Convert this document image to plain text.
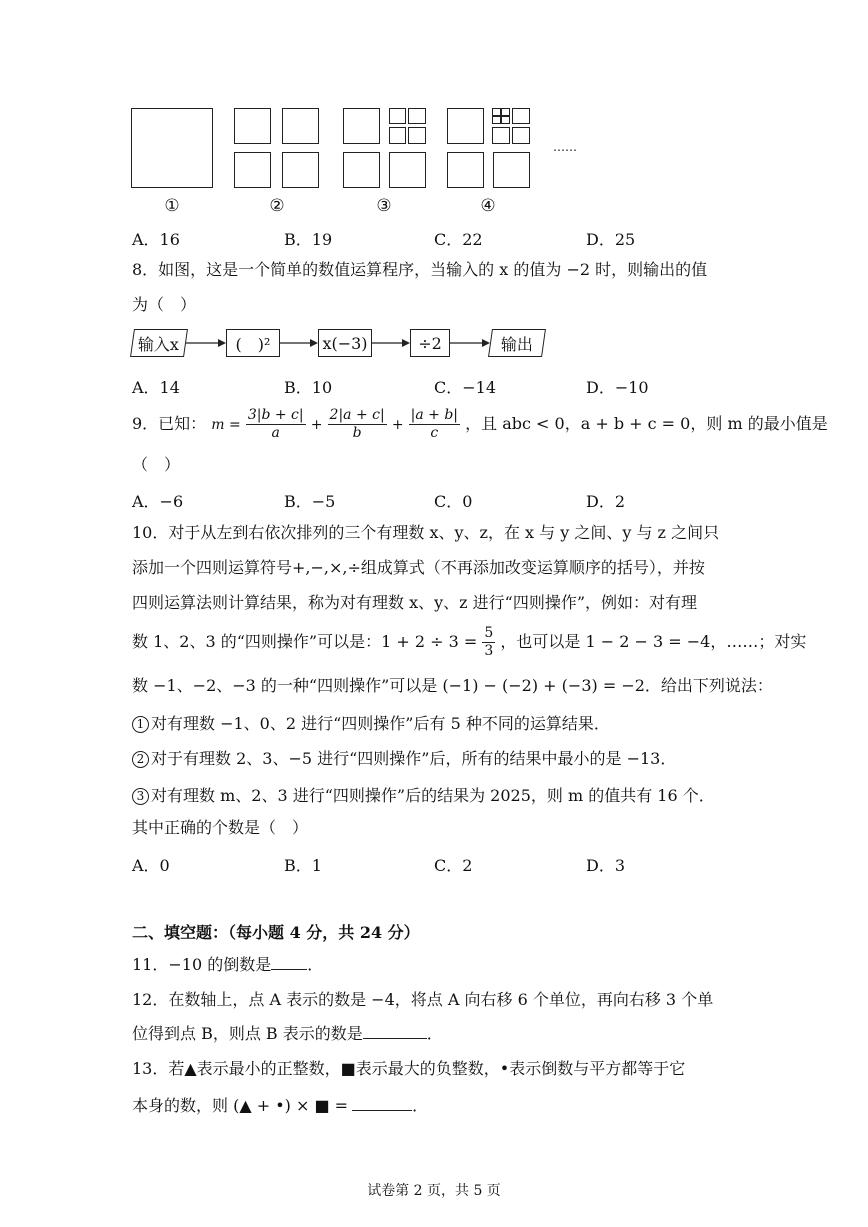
……
①	②	③	④
A．16	B．19	C．22	D．25
8．如图，这是一个简单的数值运算程序，当输入的 x 的值为 −2 时，则输出的值
为（　）
输入x	(　)²	x(−3)	÷2	输出
A．14	B．10	C．−14	D．−10
9．已知： $m = \frac{3|b + c|}{a} + \frac{2|a + c|}{b} + \frac{|a + b|}{c}$ ，且 abc < 0，a + b + c = 0，则 m 的最小值是
（　）
A．−6	B．−5	C．0	D．2
10．对于从左到右依次排列的三个有理数 x、y、z，在 x 与 y 之间、y 与 z 之间只
添加一个四则运算符号+,−,×,÷组成算式（不再添加改变运算顺序的括号），并按
四则运算法则计算结果，称为对有理数 x、y、z 进行“四则操作”，例如：对有理
数 1、2、3 的“四则操作”可以是：$1 + 2 \div 3 = \frac{5}{3}$ ，也可以是 1 − 2 − 3 = −4，……；对实
数 −1、−2、−3 的一种“四则操作”可以是 (−1) − (−2) + (−3) = −2．给出下列说法：
1 对有理数 −1、0、2 进行“四则操作”后有 5 种不同的运算结果．
2 对于有理数 2、3、−5 进行“四则操作”后，所有的结果中最小的是 −13．
3 对有理数 m、2、3 进行“四则操作”后的结果为 2025，则 m 的值共有 16 个．
其中正确的个数是（　）
A．0	B．1	C．2	D．3
二、填空题：（每小题 4 分，共 24 分）
11．−10 的倒数是 ．
12．在数轴上，点 A 表示的数是 −4，将点 A 向右移 6 个单位，再向右移 3 个单
位得到点 B，则点 B 表示的数是	．
13．若▲表示最小的正整数，■表示最大的负整数，•表示倒数与平方都等于它
本身的数，则 (▲ + •) × ■ =	．
试卷第 2 页，共 5 页
